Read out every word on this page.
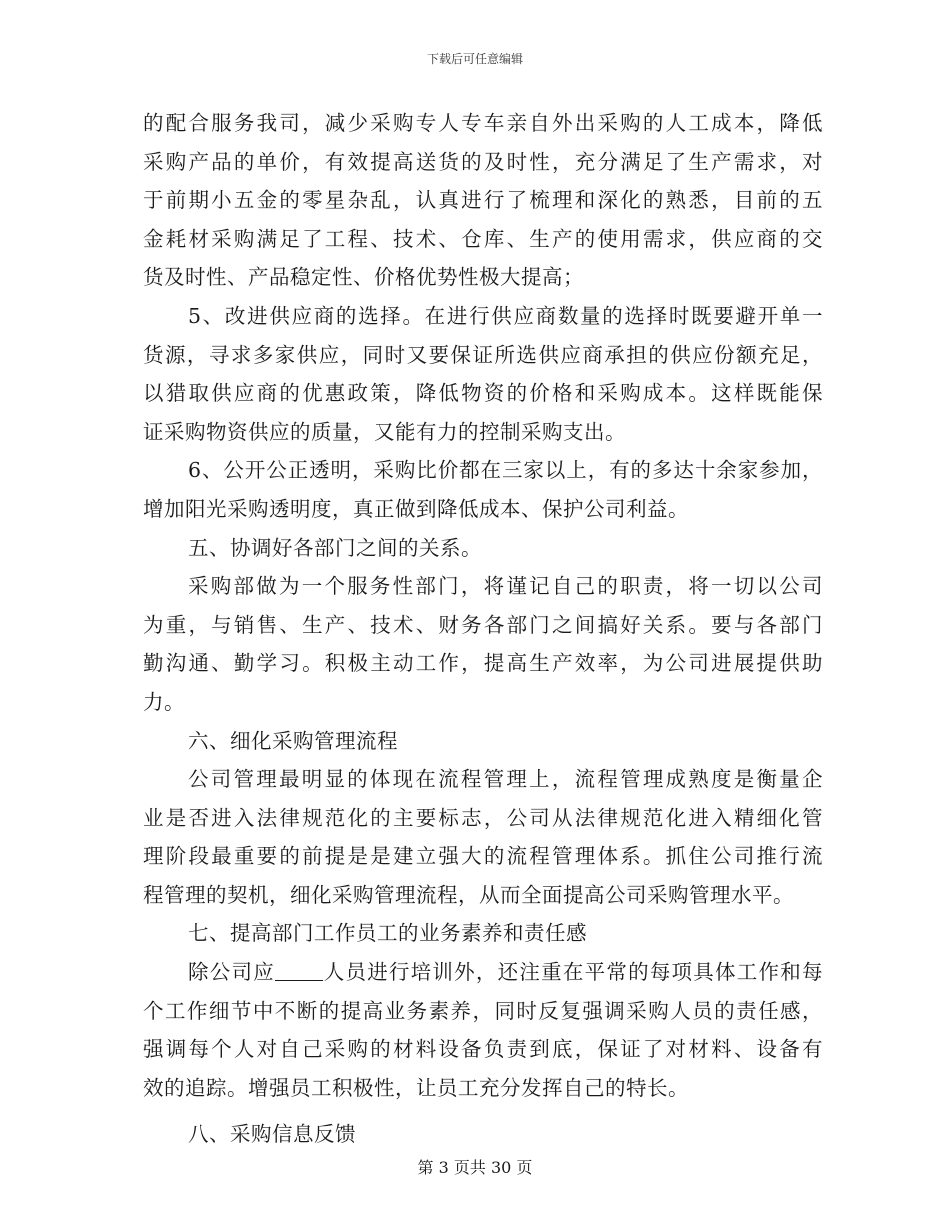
下载后可任意编辑
的配合服务我司，减少采购专人专车亲自外出采购的人工成本，降低
采购产品的单价，有效提高送货的及时性，充分满足了生产需求，对
于前期小五金的零星杂乱，认真进行了梳理和深化的熟悉，目前的五
金耗材采购满足了工程、技术、仓库、生产的使用需求，供应商的交
货及时性、产品稳定性、价格优势性极大提高；
5、改进供应商的选择。在进行供应商数量的选择时既要避开单一
货源，寻求多家供应，同时又要保证所选供应商承担的供应份额充足，
以猎取供应商的优惠政策，降低物资的价格和采购成本。这样既能保
证采购物资供应的质量，又能有力的控制采购支出。
6、公开公正透明，采购比价都在三家以上，有的多达十余家参加，
增加阳光采购透明度，真正做到降低成本、保护公司利益。
五、协调好各部门之间的关系。
采购部做为一个服务性部门，将谨记自己的职责，将一切以公司
为重，与销售、生产、技术、财务各部门之间搞好关系。要与各部门
勤沟通、勤学习。积极主动工作，提高生产效率，为公司进展提供助
力。
六、细化采购管理流程
公司管理最明显的体现在流程管理上，流程管理成熟度是衡量企
业是否进入法律规范化的主要标志，公司从法律规范化进入精细化管
理阶段最重要的前提是是建立强大的流程管理体系。抓住公司推行流
程管理的契机，细化采购管理流程，从而全面提高公司采购管理水平。
七、提高部门工作员工的业务素养和责任感
除公司应 人员进行培训外，还注重在平常的每项具体工作和每
个工作细节中不断的提高业务素养，同时反复强调采购人员的责任感，
强调每个人对自己采购的材料设备负责到底，保证了对材料、设备有
效的追踪。增强员工积极性，让员工充分发挥自己的特长。
八、采购信息反馈
第 3 页共 30 页
